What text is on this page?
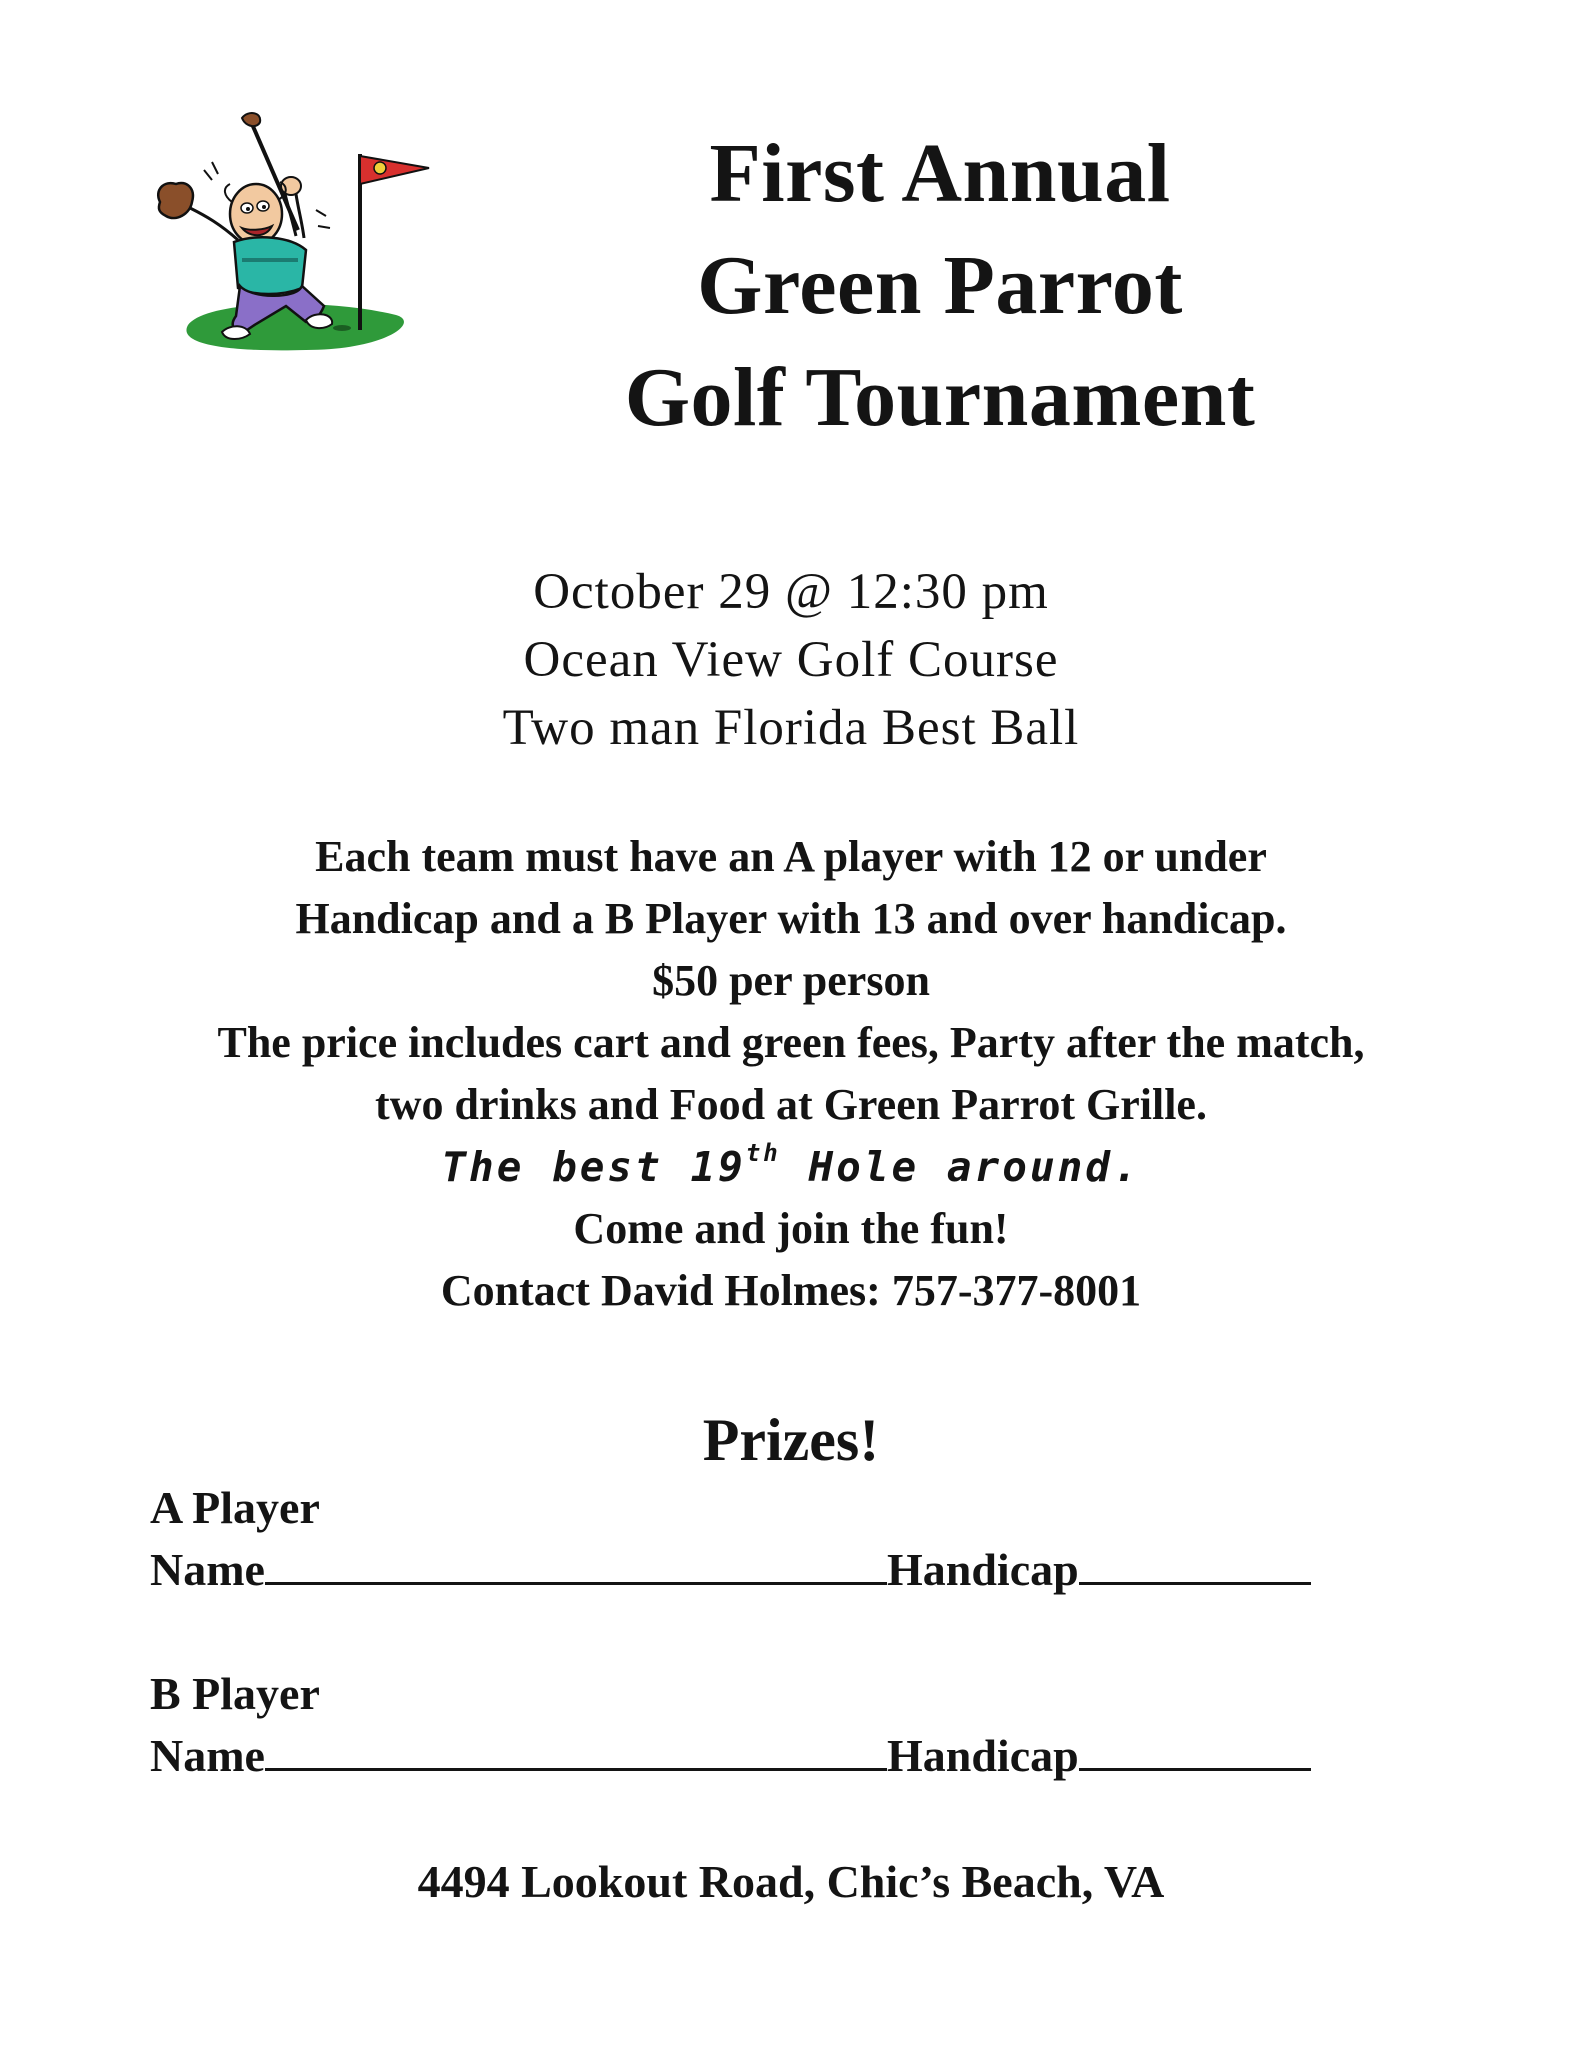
First Annual
Green Parrot
Golf Tournament
October 29 @ 12:30 pm
Ocean View Golf Course
Two man Florida Best Ball
Each team must have an A player with 12 or under
Handicap and a B Player with 13 and over handicap.
$50 per person
The price includes cart and green fees, Party after the match,
two drinks and Food at Green Parrot Grille.
The best 19th Hole around.
Come and join the fun!
Contact David Holmes: 757-377-8001
Prizes!
A Player
Name	Handicap
B Player
Name	Handicap
4494 Lookout Road, Chic’s Beach, VA
